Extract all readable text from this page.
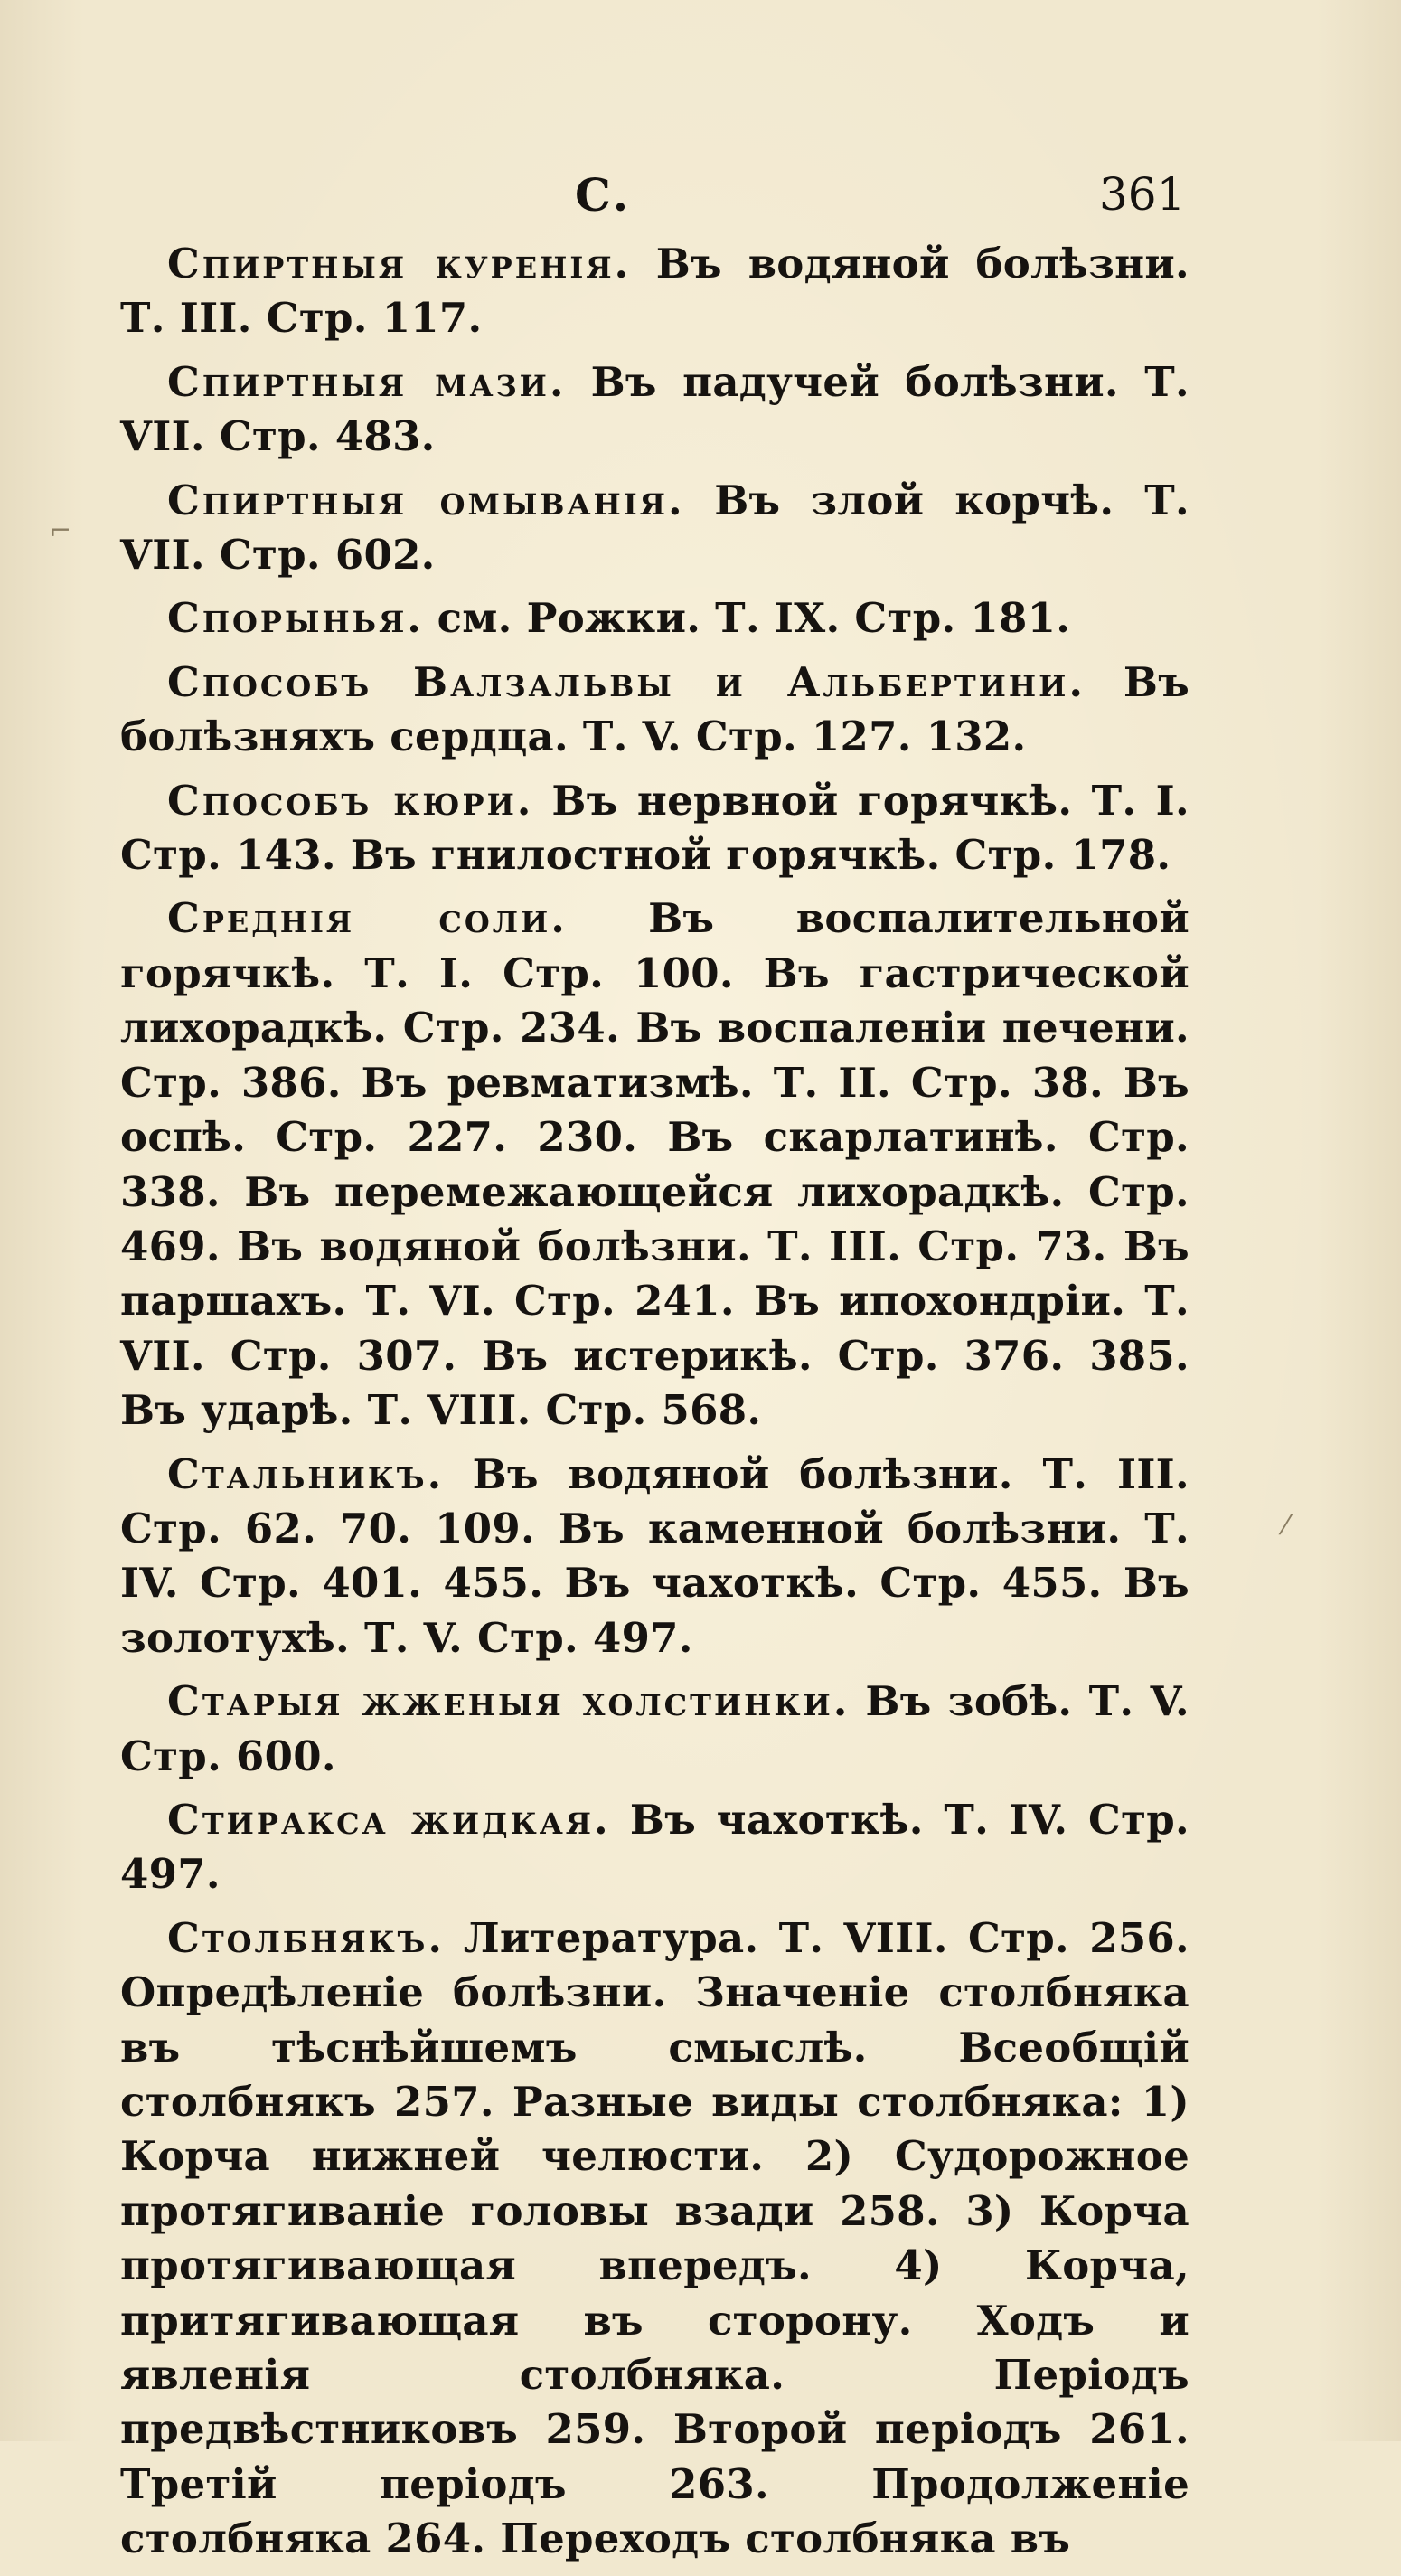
С.	361

Спиртныя куренія. Въ водяной болѣзни. Т. III. Стр. 117.

Спиртныя мази. Въ падучей болѣзни. Т. VII. Стр. 483.

Спиртныя омыванія. Въ злой корчѣ. Т. VII. Стр. 602.

Спорынья. см. Рожки. Т. IX. Стр. 181.

Способъ Валзальвы и Альбертини. Въ болѣзняхъ сердца. Т. V. Стр. 127. 132.

Способъ кюри. Въ нервной горячкѣ. Т. I. Стр. 143. Въ гнилостной горячкѣ. Стр. 178.

Среднія соли. Въ воспалительной горячкѣ. Т. I. Стр. 100. Въ гастрической лихорадкѣ. Стр. 234. Въ воспаленіи печени. Стр. 386. Въ ревматизмѣ. Т. II. Стр. 38. Въ оспѣ. Стр. 227. 230. Въ скарлатинѣ. Стр. 338. Въ перемежающейся лихорадкѣ. Стр. 469. Въ водяной болѣзни. Т. III. Стр. 73. Въ паршахъ. Т. VI. Стр. 241. Въ ипохондріи. Т. VII. Стр. 307. Въ истерикѣ. Стр. 376. 385. Въ ударѣ. Т. VIII. Стр. 568.

Стальникъ. Въ водяной болѣзни. Т. III. Стр. 62. 70. 109. Въ каменной болѣзни. Т. IV. Стр. 401. 455. Въ чахоткѣ. Стр. 455. Въ золотухѣ. Т. V. Стр. 497.

Старыя жженыя холстинки. Въ зобѣ. Т. V. Стр. 600.

Стиракса жидкая. Въ чахоткѣ. Т. IV. Стр. 497.

Столбнякъ. Литература. Т. VIII. Стр. 256. Опредѣленіе болѣзни. Значеніе столбняка въ тѣснѣйшемъ смыслѣ. Всеобщій столбнякъ 257. Разные виды столбняка: 1) Корча нижней челюсти. 2) Судорожное протягиваніе головы взади 258. 3) Корча протягивающая впередъ. 4) Корча, притягивающая въ сторону. Ходъ и явленія столбняка. Періодъ предвѣстниковъ 259. Второй періодъ 261. Третій періодъ 263. Продолженіе столбняка 264. Переходъ столбняка въ

⌐
⁄
